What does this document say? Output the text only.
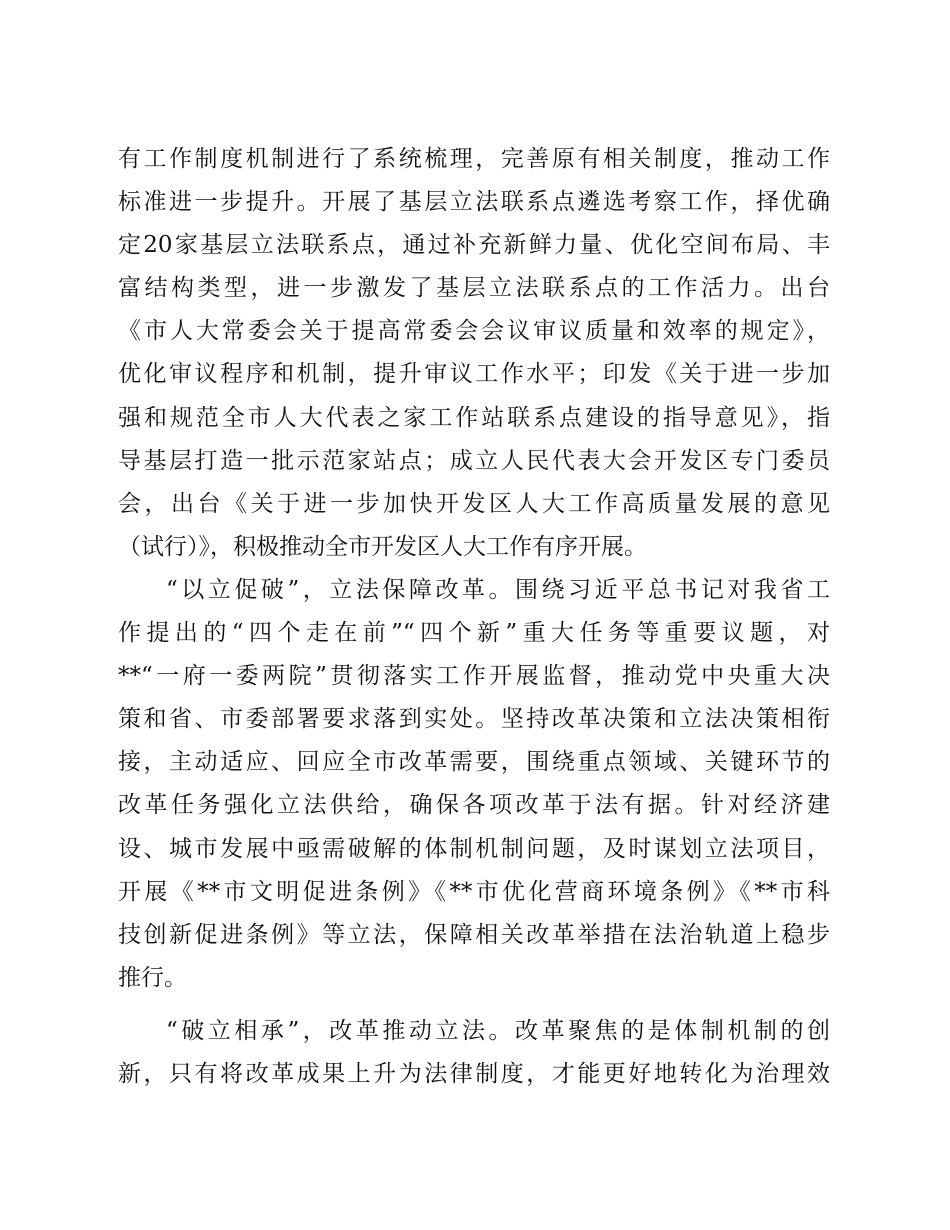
有工作制度机制进行了系统梳理，完善原有相关制度，推动工作
标准进一步提升。开展了基层立法联系点遴选考察工作，择优确
定20家基层立法联系点，通过补充新鲜力量、优化空间布局、丰
富结构类型，进一步激发了基层立法联系点的工作活力。出台
《市人大常委会关于提高常委会会议审议质量和效率的规定》，
优化审议程序和机制，提升审议工作水平；印发《关于进一步加
强和规范全市人大代表之家工作站联系点建设的指导意见》，指
导基层打造一批示范家站点；成立人民代表大会开发区专门委员
会，出台《关于进一步加快开发区人大工作高质量发展的意见
（试行）》，积极推动全市开发区人大工作有序开展。
“以立促破”，立法保障改革。围绕习近平总书记对我省工
作提出的“四个走在前”“四个新”重大任务等重要议题，对
**“一府一委两院”贯彻落实工作开展监督，推动党中央重大决
策和省、市委部署要求落到实处。坚持改革决策和立法决策相衔
接，主动适应、回应全市改革需要，围绕重点领域、关键环节的
改革任务强化立法供给，确保各项改革于法有据。针对经济建
设、城市发展中亟需破解的体制机制问题，及时谋划立法项目，
开展《**市文明促进条例》《**市优化营商环境条例》《**市科
技创新促进条例》等立法，保障相关改革举措在法治轨道上稳步
推行。
“破立相承”，改革推动立法。改革聚焦的是体制机制的创
新，只有将改革成果上升为法律制度，才能更好地转化为治理效
